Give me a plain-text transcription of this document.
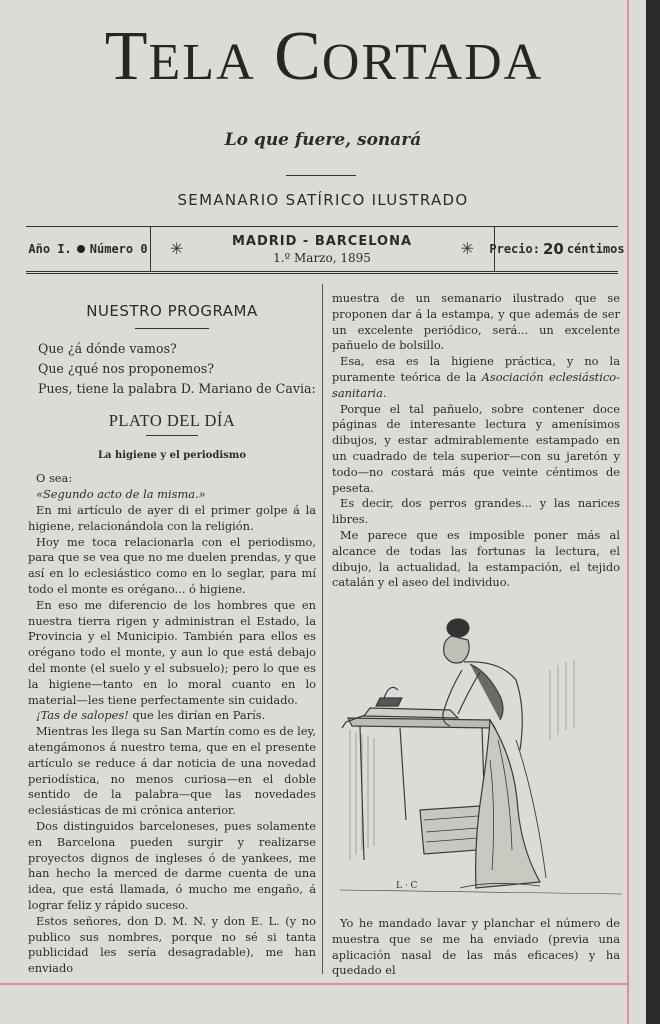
TELA CORTADA
Lo que fuere, sonará
SEMANARIO SATÍRICO ILUSTRADO
Año I. Número 0 ✳	MADRID - BARCELONA
1.º Marzo, 1895	✳ Precio: 20 céntimos
NUESTRO PROGRAMA

Que ¿á dónde vamos?

Que ¿qué nos proponemos?

Pues, tiene la palabra D. Mariano de Cavia:

PLATO DEL DÍA
La higiene y el periodismo

O sea:

«Segundo acto de la misma.»

En mi artículo de ayer di el primer golpe á la higiene, relacionándola con la religión.

Hoy me toca relacionarla con el periodismo, para que se vea que no me duelen prendas, y que así en lo eclesiástico como en lo seglar, para mí todo el monte es orégano... ó higiene.

En eso me diferencio de los hombres que en nuestra tierra rigen y administran el Estado, la Provincia y el Municipio. También para ellos es orégano todo el monte, y aun lo que está debajo del monte (el suelo y el subsuelo); pero lo que es la higiene—tanto en lo moral cuanto en lo material—les tiene perfectamente sin cuidado.

¡Tas de salopes! que les dirían en París.

Mientras les llega su San Martín como es de ley, atengámonos á nuestro tema, que en el presente artículo se reduce á dar noticia de una novedad periodística, no menos curiosa—en el doble sentido de la palabra—que las novedades eclesiásticas de mi crónica anterior.

Dos distinguidos barceloneses, pues solamente en Barcelona pueden surgir y realizarse proyectos dignos de ingleses ó de yankees, me han hecho la merced de darme cuenta de una idea, que está llamada, ó mucho me engaño, á lograr feliz y rápido suceso.

Estos señores, don D. M. N. y don E. L. (y no publico sus nombres, porque no sé si tanta publicidad les sería desagradable), me han enviado

muestra de un semanario ilustrado que se proponen dar á la estampa, y que además de ser un excelente periódico, será... un excelente pañuelo de bolsillo.

Esa, esa es la higiene práctica, y no la puramente teórica de la Asociación eclesiástico-sanitaria.

Porque el tal pañuelo, sobre contener doce páginas de interesante lectura y amenísimos dibujos, y estar admirablemente estampado en un cuadrado de tela superior—con su jaretón y todo—no costará más que veinte céntimos de peseta.

Es decir, dos perros grandes... y las narices libres.

Me parece que es imposible poner más al alcance de todas las fortunas la lectura, el dibujo, la actualidad, la estampación, el tejido catalán y el aseo del individuo.

L · C

Yo he mandado lavar y planchar el número de muestra que se me ha enviado (previa una aplicación nasal de las más eficaces) y ha quedado el
